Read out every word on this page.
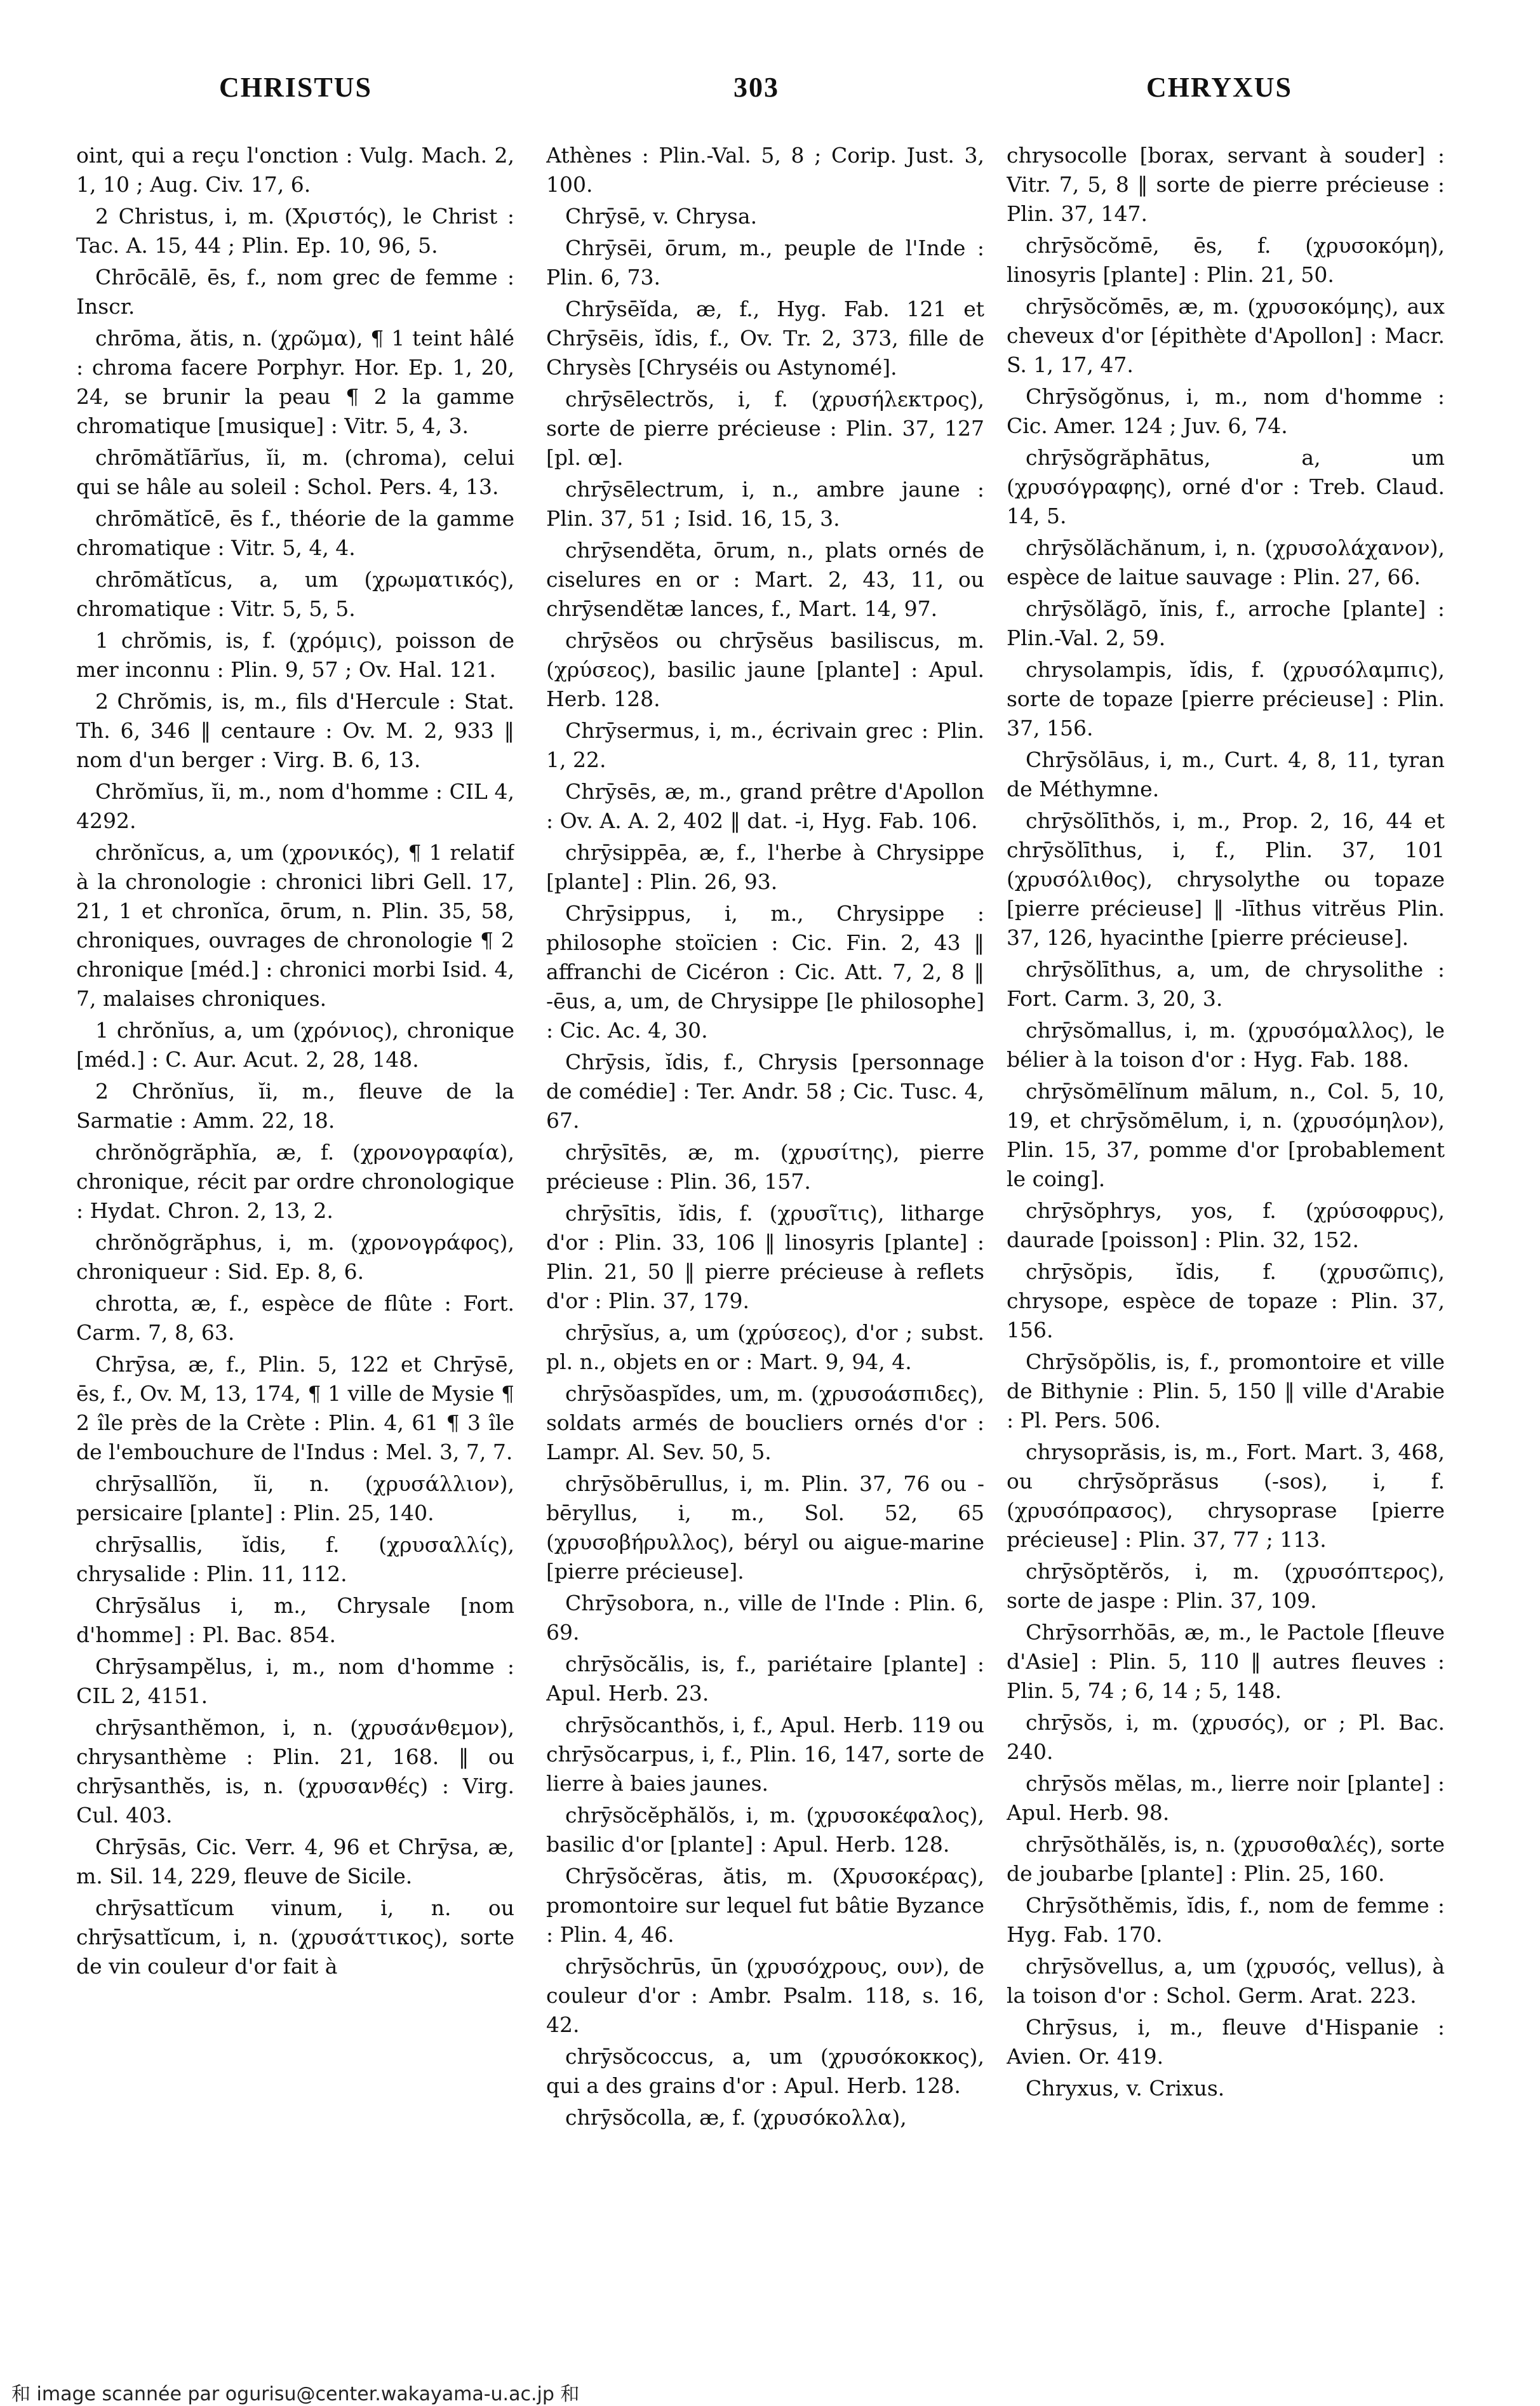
CHRISTUS	303	CHRYXUS

oint, qui a reçu l'onction : Vulg. Mach. 2, 1, 10 ; Aug. Civ. 17, 6.

2 Christus, i, m. (Χριστός), le Christ : Tac. A. 15, 44 ; Plin. Ep. 10, 96, 5.

Chrōcālē, ēs, f., nom grec de femme : Inscr.

chrōma, ătis, n. (χρῶμα), ¶ 1 teint hâlé : chroma facere Porphyr. Hor. Ep. 1, 20, 24, se brunir la peau ¶ 2 la gamme chromatique [musique] : Vitr. 5, 4, 3.

chrōmătĭārĭus, ĭi, m. (chroma), celui qui se hâle au soleil : Schol. Pers. 4, 13.

chrōmătĭcē, ēs f., théorie de la gamme chromatique : Vitr. 5, 4, 4.

chrōmătĭcus, a, um (χρωματικός), chromatique : Vitr. 5, 5, 5.

1 chrŏmis, is, f. (χρόμις), poisson de mer inconnu : Plin. 9, 57 ; Ov. Hal. 121.

2 Chrŏmis, is, m., fils d'Hercule : Stat. Th. 6, 346 ‖ centaure : Ov. M. 2, 933 ‖ nom d'un berger : Virg. B. 6, 13.

Chrŏmĭus, ĭi, m., nom d'homme : CIL 4, 4292.

chrŏnĭcus, a, um (χρονικός), ¶ 1 relatif à la chronologie : chronici libri Gell. 17, 21, 1 et chronĭca, ōrum, n. Plin. 35, 58, chroniques, ouvrages de chronologie ¶ 2 chronique [méd.] : chronici morbi Isid. 4, 7, malaises chroniques.

1 chrŏnĭus, a, um (χρόνιος), chronique [méd.] : C. Aur. Acut. 2, 28, 148.

2 Chrŏnĭus, ĭi, m., fleuve de la Sarmatie : Amm. 22, 18.

chrŏnŏgrăphĭa, æ, f. (χρονογραφία), chronique, récit par ordre chronologique : Hydat. Chron. 2, 13, 2.

chrŏnŏgrăphus, i, m. (χρονογράφος), chroniqueur : Sid. Ep. 8, 6.

chrotta, æ, f., espèce de flûte : Fort. Carm. 7, 8, 63.

Chrȳsa, æ, f., Plin. 5, 122 et Chrȳsē, ēs, f., Ov. M, 13, 174, ¶ 1 ville de Mysie ¶ 2 île près de la Crète : Plin. 4, 61 ¶ 3 île de l'embouchure de l'Indus : Mel. 3, 7, 7.

chrȳsallĭŏn, ĭi, n. (χρυσάλλιον), persicaire [plante] : Plin. 25, 140.

chrȳsallis, ĭdis, f. (χρυσαλλίς), chrysalide : Plin. 11, 112.

Chrȳsălus i, m., Chrysale [nom d'homme] : Pl. Bac. 854.

Chrȳsampĕlus, i, m., nom d'homme : CIL 2, 4151.

chrȳsanthĕmon, i, n. (χρυσάνθεμον), chrysanthème : Plin. 21, 168. ‖ ou chrȳsanthĕs, is, n. (χρυσανθές) : Virg. Cul. 403.

Chrȳsās, Cic. Verr. 4, 96 et Chrȳsa, æ, m. Sil. 14, 229, fleuve de Sicile.

chrȳsattĭcum vinum, i, n. ou chrȳsattĭcum, i, n. (χρυσάττικος), sorte de vin couleur d'or fait à

Athènes : Plin.-Val. 5, 8 ; Corip. Just. 3, 100.

Chrȳsē, v. Chrysa.

Chrȳsēi, ōrum, m., peuple de l'Inde : Plin. 6, 73.

Chrȳsēĭda, æ, f., Hyg. Fab. 121 et Chrȳsēis, ĭdis, f., Ov. Tr. 2, 373, fille de Chrysès [Chryséis ou Astynomé].

chrȳsēlectrŏs, i, f. (χρυσήλεκτρος), sorte de pierre précieuse : Plin. 37, 127 [pl. œ].

chrȳsēlectrum, i, n., ambre jaune : Plin. 37, 51 ; Isid. 16, 15, 3.

chrȳsendĕta, ōrum, n., plats ornés de ciselures en or : Mart. 2, 43, 11, ou chrȳsendĕtæ lances, f., Mart. 14, 97.

chrȳsĕos ou chrȳsĕus basiliscus, m. (χρύσεος), basilic jaune [plante] : Apul. Herb. 128.

Chrȳsermus, i, m., écrivain grec : Plin. 1, 22.

Chrȳsēs, æ, m., grand prêtre d'Apollon : Ov. A. A. 2, 402 ‖ dat. -i, Hyg. Fab. 106.

chrȳsippēa, æ, f., l'herbe à Chrysippe [plante] : Plin. 26, 93.

Chrȳsippus, i, m., Chrysippe : philosophe stoïcien : Cic. Fin. 2, 43 ‖ affranchi de Cicéron : Cic. Att. 7, 2, 8 ‖ -ēus, a, um, de Chrysippe [le philosophe] : Cic. Ac. 4, 30.

Chrȳsis, ĭdis, f., Chrysis [personnage de comédie] : Ter. Andr. 58 ; Cic. Tusc. 4, 67.

chrȳsītēs, æ, m. (χρυσίτης), pierre précieuse : Plin. 36, 157.

chrȳsītis, ĭdis, f. (χρυσῖτις), litharge d'or : Plin. 33, 106 ‖ linosyris [plante] : Plin. 21, 50 ‖ pierre précieuse à reflets d'or : Plin. 37, 179.

chrȳsĭus, a, um (χρύσεος), d'or ; subst. pl. n., objets en or : Mart. 9, 94, 4.

chrȳsŏaspĭdes, um, m. (χρυσοάσπιδες), soldats armés de boucliers ornés d'or : Lampr. Al. Sev. 50, 5.

chrȳsŏbērullus, i, m. Plin. 37, 76 ou -bēryllus, i, m., Sol. 52, 65 (χρυσοβήρυλλος), béryl ou aigue-marine [pierre précieuse].

Chrȳsobora, n., ville de l'Inde : Plin. 6, 69.

chrȳsŏcălis, is, f., pariétaire [plante] : Apul. Herb. 23.

chrȳsŏcanthŏs, i, f., Apul. Herb. 119 ou chrȳsŏcarpus, i, f., Plin. 16, 147, sorte de lierre à baies jaunes.

chrȳsŏcĕphălŏs, i, m. (χρυσοκέφαλος), basilic d'or [plante] : Apul. Herb. 128.

Chrȳsŏcĕras, ătis, m. (Χρυσοκέρας), promontoire sur lequel fut bâtie Byzance : Plin. 4, 46.

chrȳsŏchrūs, ūn (χρυσόχρους, ουν), de couleur d'or : Ambr. Psalm. 118, s. 16, 42.

chrȳsŏcoccus, a, um (χρυσόκοκκος), qui a des grains d'or : Apul. Herb. 128.

chrȳsŏcolla, æ, f. (χρυσόκολλα),

chrysocolle [borax, servant à souder] : Vitr. 7, 5, 8 ‖ sorte de pierre précieuse : Plin. 37, 147.

chrȳsŏcŏmē, ēs, f. (χρυσοκόμη), linosyris [plante] : Plin. 21, 50.

chrȳsŏcŏmēs, æ, m. (χρυσοκόμης), aux cheveux d'or [épithète d'Apollon] : Macr. S. 1, 17, 47.

Chrȳsŏgŏnus, i, m., nom d'homme : Cic. Amer. 124 ; Juv. 6, 74.

chrȳsŏgrăphātus, a, um (χρυσόγραφης), orné d'or : Treb. Claud. 14, 5.

chrȳsŏlăchănum, i, n. (χρυσολάχανον), espèce de laitue sauvage : Plin. 27, 66.

chrȳsŏlăgō, ĭnis, f., arroche [plante] : Plin.-Val. 2, 59.

chrysolampis, ĭdis, f. (χρυσόλαμπις), sorte de topaze [pierre précieuse] : Plin. 37, 156.

Chrȳsŏlāus, i, m., Curt. 4, 8, 11, tyran de Méthymne.

chrȳsŏlīthŏs, i, m., Prop. 2, 16, 44 et chrȳsŏlīthus, i, f., Plin. 37, 101 (χρυσόλιθος), chrysolythe ou topaze [pierre précieuse] ‖ -līthus vitrĕus Plin. 37, 126, hyacinthe [pierre précieuse].

chrȳsŏlīthus, a, um, de chrysolithe : Fort. Carm. 3, 20, 3.

chrȳsŏmallus, i, m. (χρυσόμαλλος), le bélier à la toison d'or : Hyg. Fab. 188.

chrȳsŏmēlĭnum mālum, n., Col. 5, 10, 19, et chrȳsŏmēlum, i, n. (χρυσόμηλον), Plin. 15, 37, pomme d'or [probablement le coing].

chrȳsŏphrys, yos, f. (χρύσοφρυς), daurade [poisson] : Plin. 32, 152.

chrȳsŏpis, ĭdis, f. (χρυσῶπις), chrysope, espèce de topaze : Plin. 37, 156.

Chrȳsŏpŏlis, is, f., promontoire et ville de Bithynie : Plin. 5, 150 ‖ ville d'Arabie : Pl. Pers. 506.

chrysoprăsis, is, m., Fort. Mart. 3, 468, ou chrȳsŏprăsus (-sos), i, f. (χρυσόπρασος), chrysoprase [pierre précieuse] : Plin. 37, 77 ; 113.

chrȳsŏptĕrŏs, i, m. (χρυσόπτερος), sorte de jaspe : Plin. 37, 109.

Chrȳsorrhŏās, æ, m., le Pactole [fleuve d'Asie] : Plin. 5, 110 ‖ autres fleuves : Plin. 5, 74 ; 6, 14 ; 5, 148.

chrȳsŏs, i, m. (χρυσός), or ; Pl. Bac. 240.

chrȳsŏs mĕlas, m., lierre noir [plante] : Apul. Herb. 98.

chrȳsŏthălĕs, is, n. (χρυσοθαλές), sorte de joubarbe [plante] : Plin. 25, 160.

Chrȳsŏthĕmis, ĭdis, f., nom de femme : Hyg. Fab. 170.

chrȳsŏvellus, a, um (χρυσός, vellus), à la toison d'or : Schol. Germ. Arat. 223.

Chrȳsus, i, m., fleuve d'Hispanie : Avien. Or. 419.

Chryxus, v. Crixus.

和 image scannée par ogurisu@center.wakayama-u.ac.jp 和
